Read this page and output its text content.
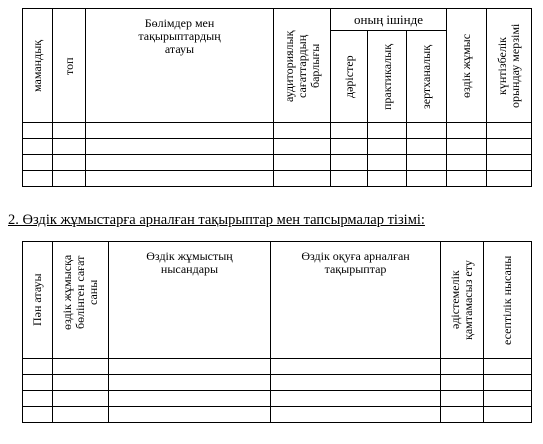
мамандық	топ	Бөлімдер мен тақырыптардың атауы	аудиториялық сағаттардың барлығы	оның ішінде			өздік жұмыс	күнтізбелік орындау мерзімі

				дәрістер	практикалық	зертханалық		

2. Өздік жұмыстарға арналған тақырыптар мен тапсырмалар тізімі:
Пән атауы	өздік жұмысқа бөлінген сағат саны	Өздік жұмыстың нысандары	Өздік оқуға арналған тақырыптар	әдістемелік қамтамасыз ету	есептілік нысаны
